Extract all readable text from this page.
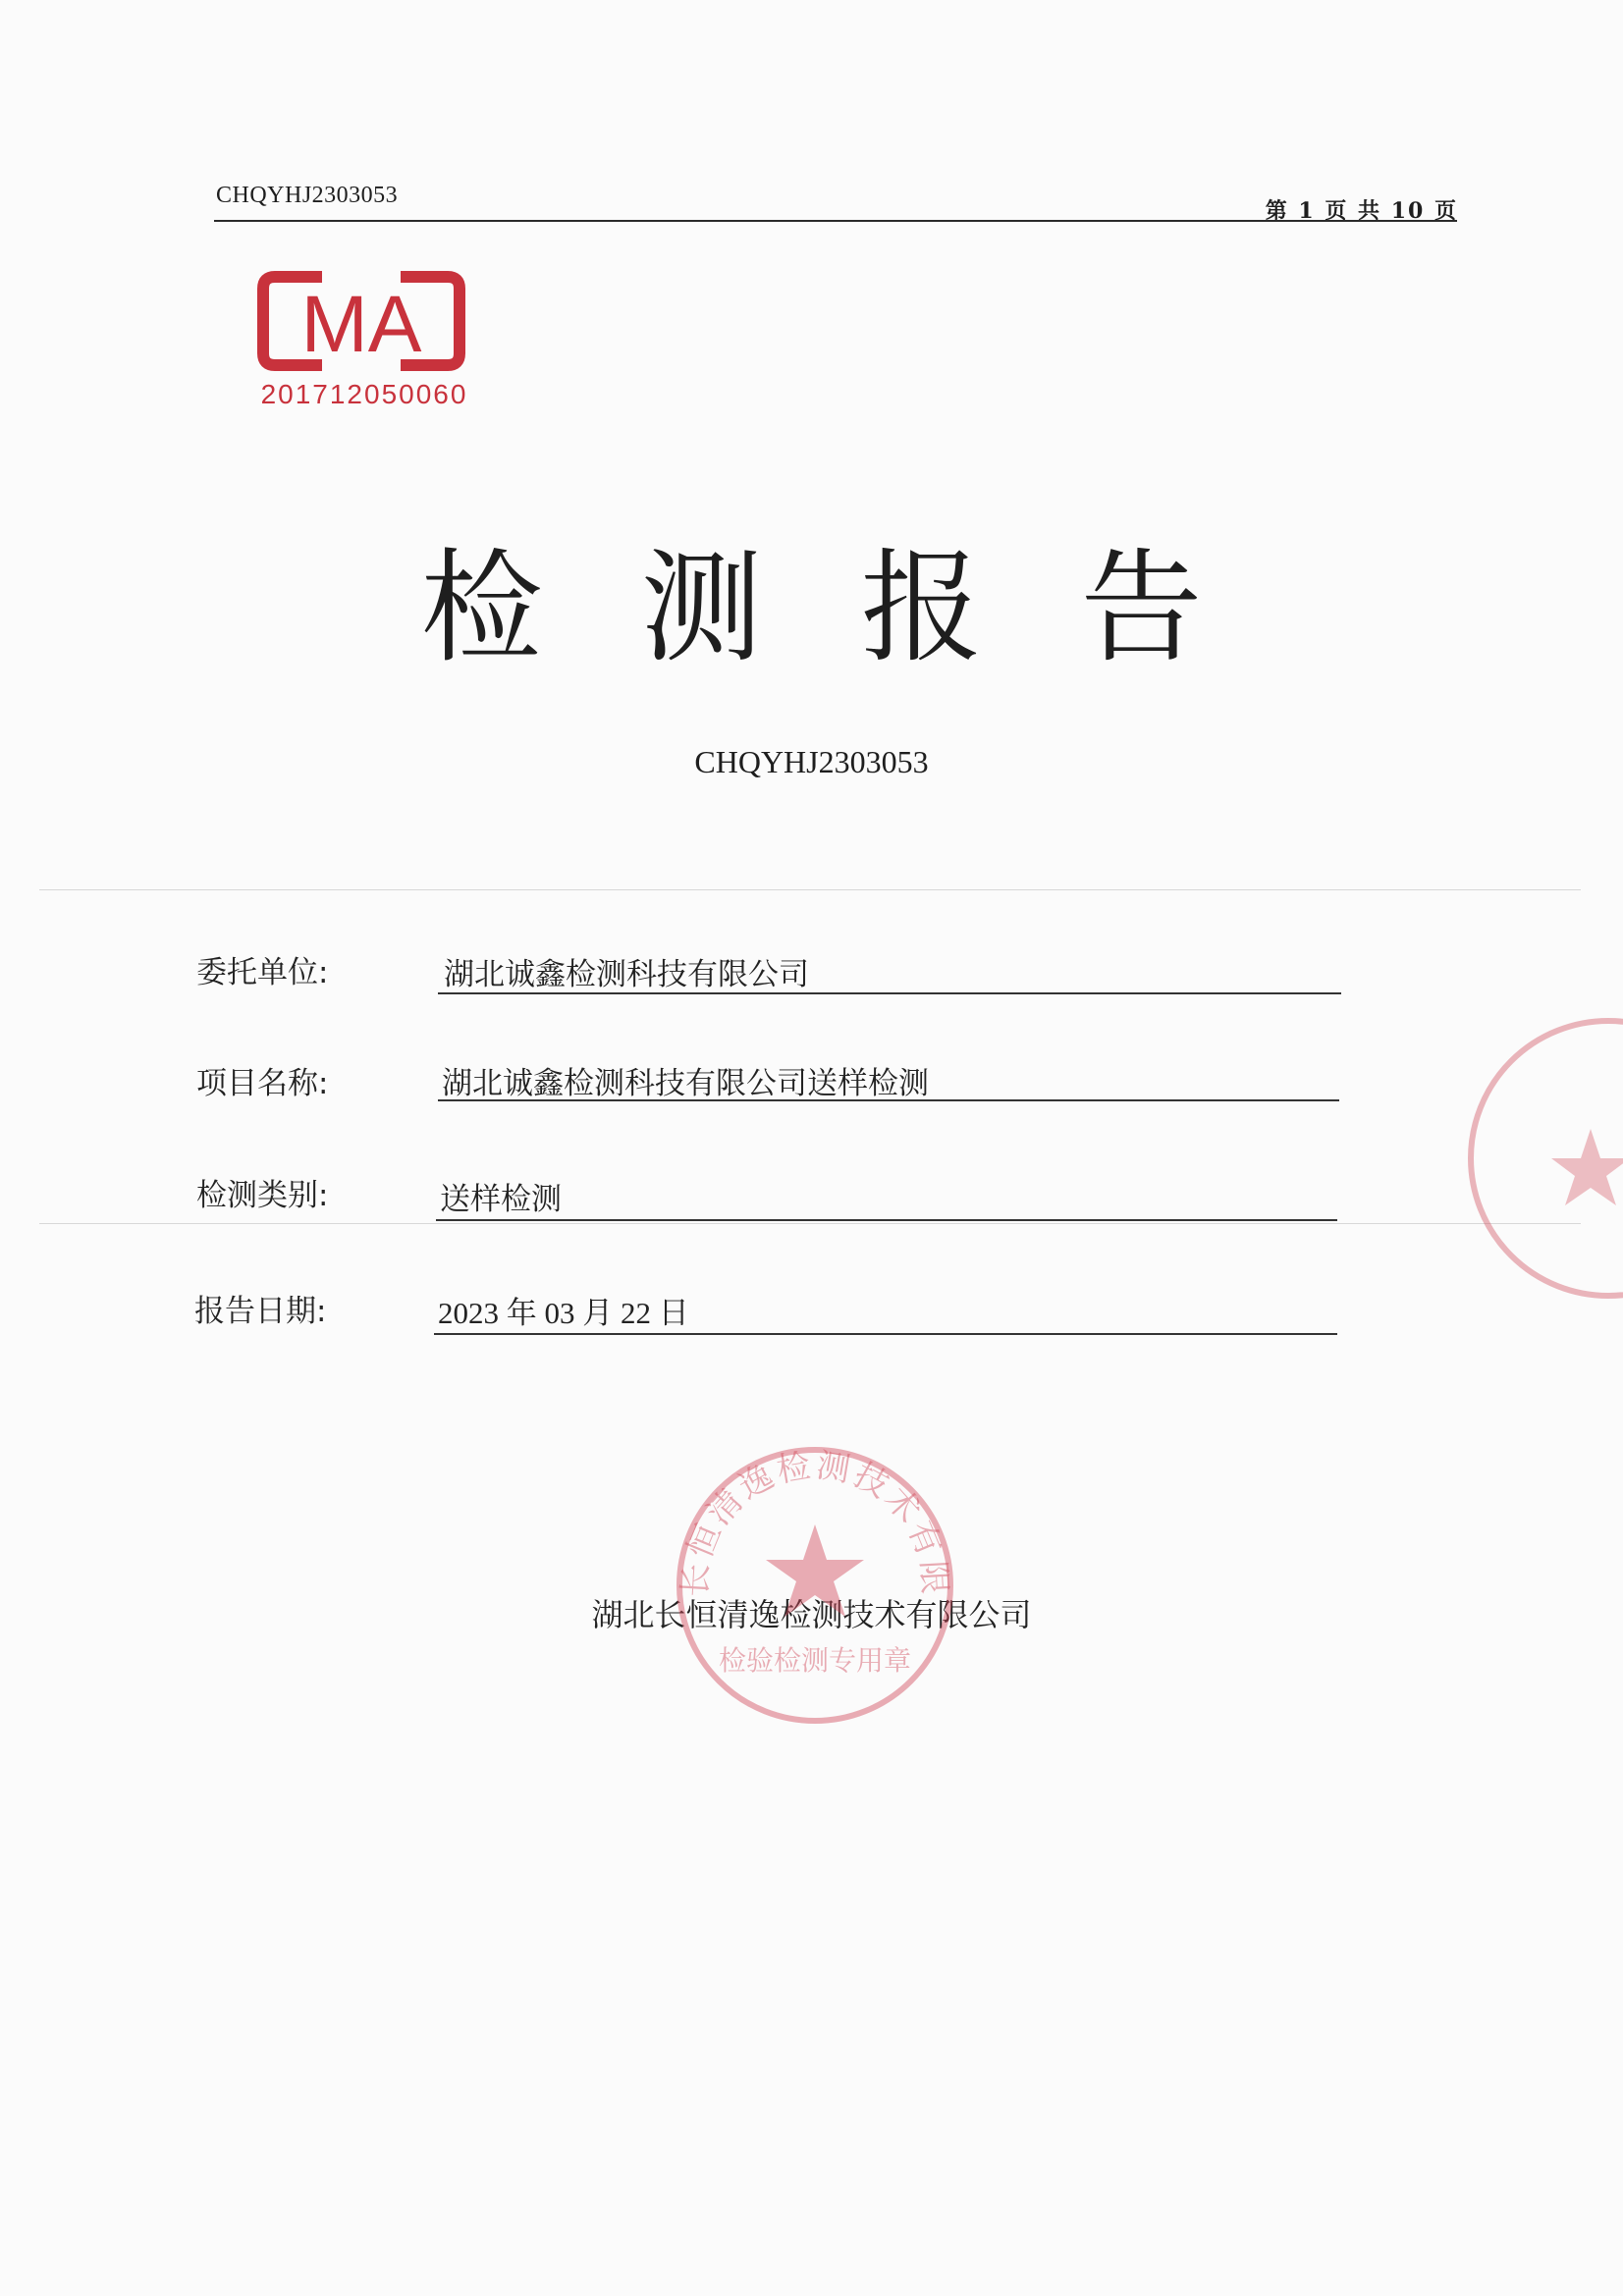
CHQYHJ2303053
第 1 页 共 10 页
MA
201712050060
检测报告
CHQYHJ2303053
委托单位:	湖北诚鑫检测科技有限公司
项目名称:	湖北诚鑫检测科技有限公司送样检测
检测类别:	送样检测
报告日期:	2023 年 03 月 22 日
湖北长恒清逸检测技术有限公司
长恒清逸检测技术有限
检验检测专用章
